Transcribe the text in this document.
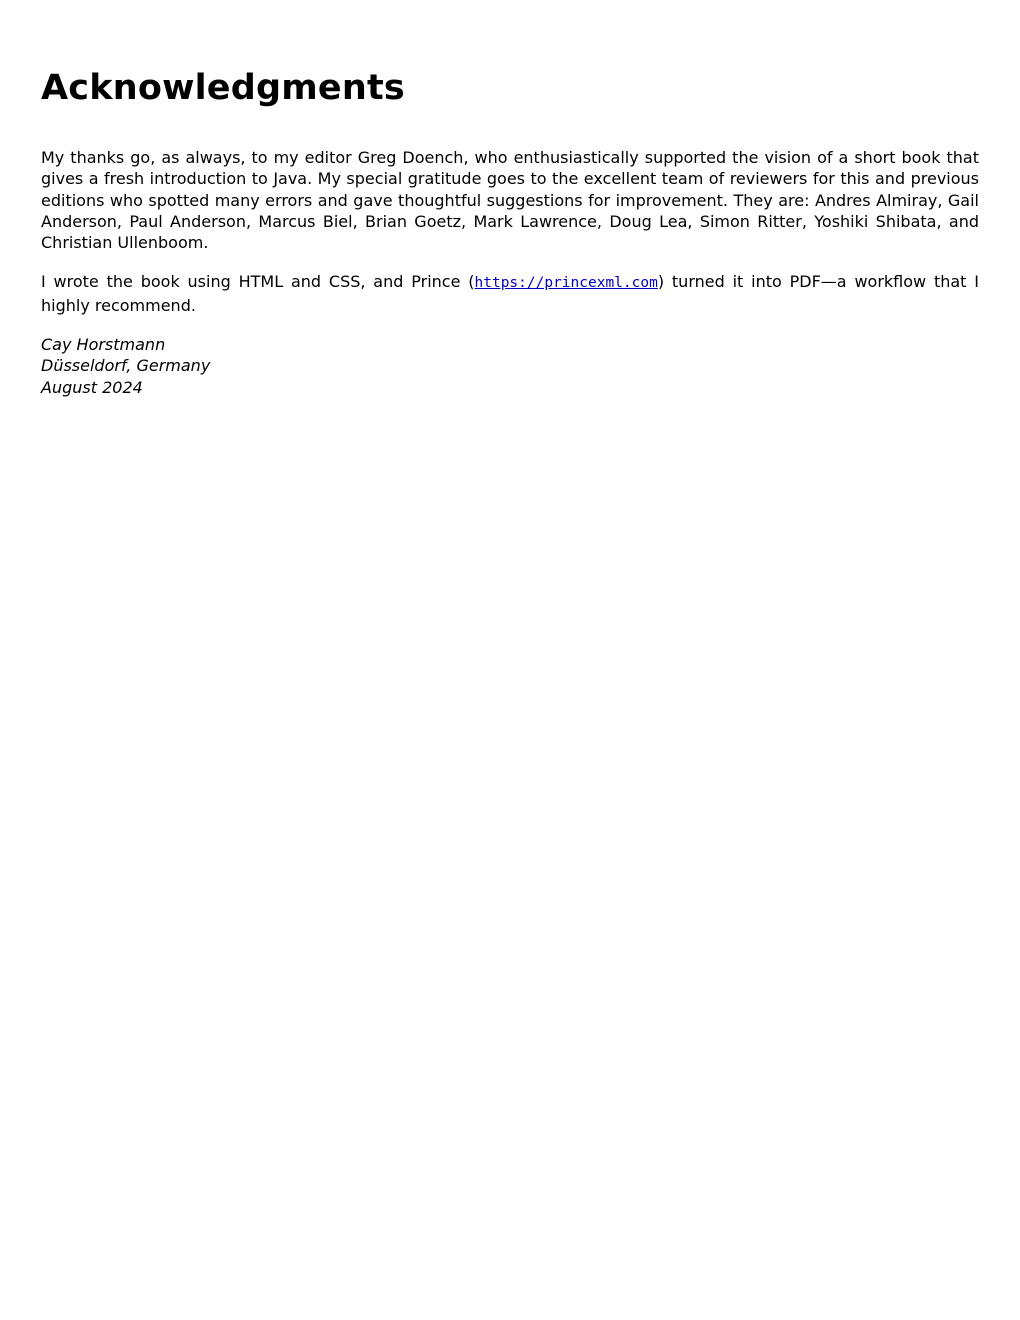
Acknowledgments

My thanks go, as always, to my editor Greg Doench, who enthusiastically supported the vision of a short book that gives a fresh introduction to Java. My special gratitude goes to the excellent team of reviewers for this and previous editions who spotted many errors and gave thoughtful suggestions for improvement. They are: Andres Almiray, Gail Anderson, Paul Anderson, Marcus Biel, Brian Goetz, Mark Lawrence, Doug Lea, Simon Ritter, Yoshiki Shibata, and Christian Ullenboom.

I wrote the book using HTML and CSS, and Prince (https://princexml.com) turned it into PDF—a workflow that I highly recommend.

Cay Horstmann
Düsseldorf, Germany
August 2024
